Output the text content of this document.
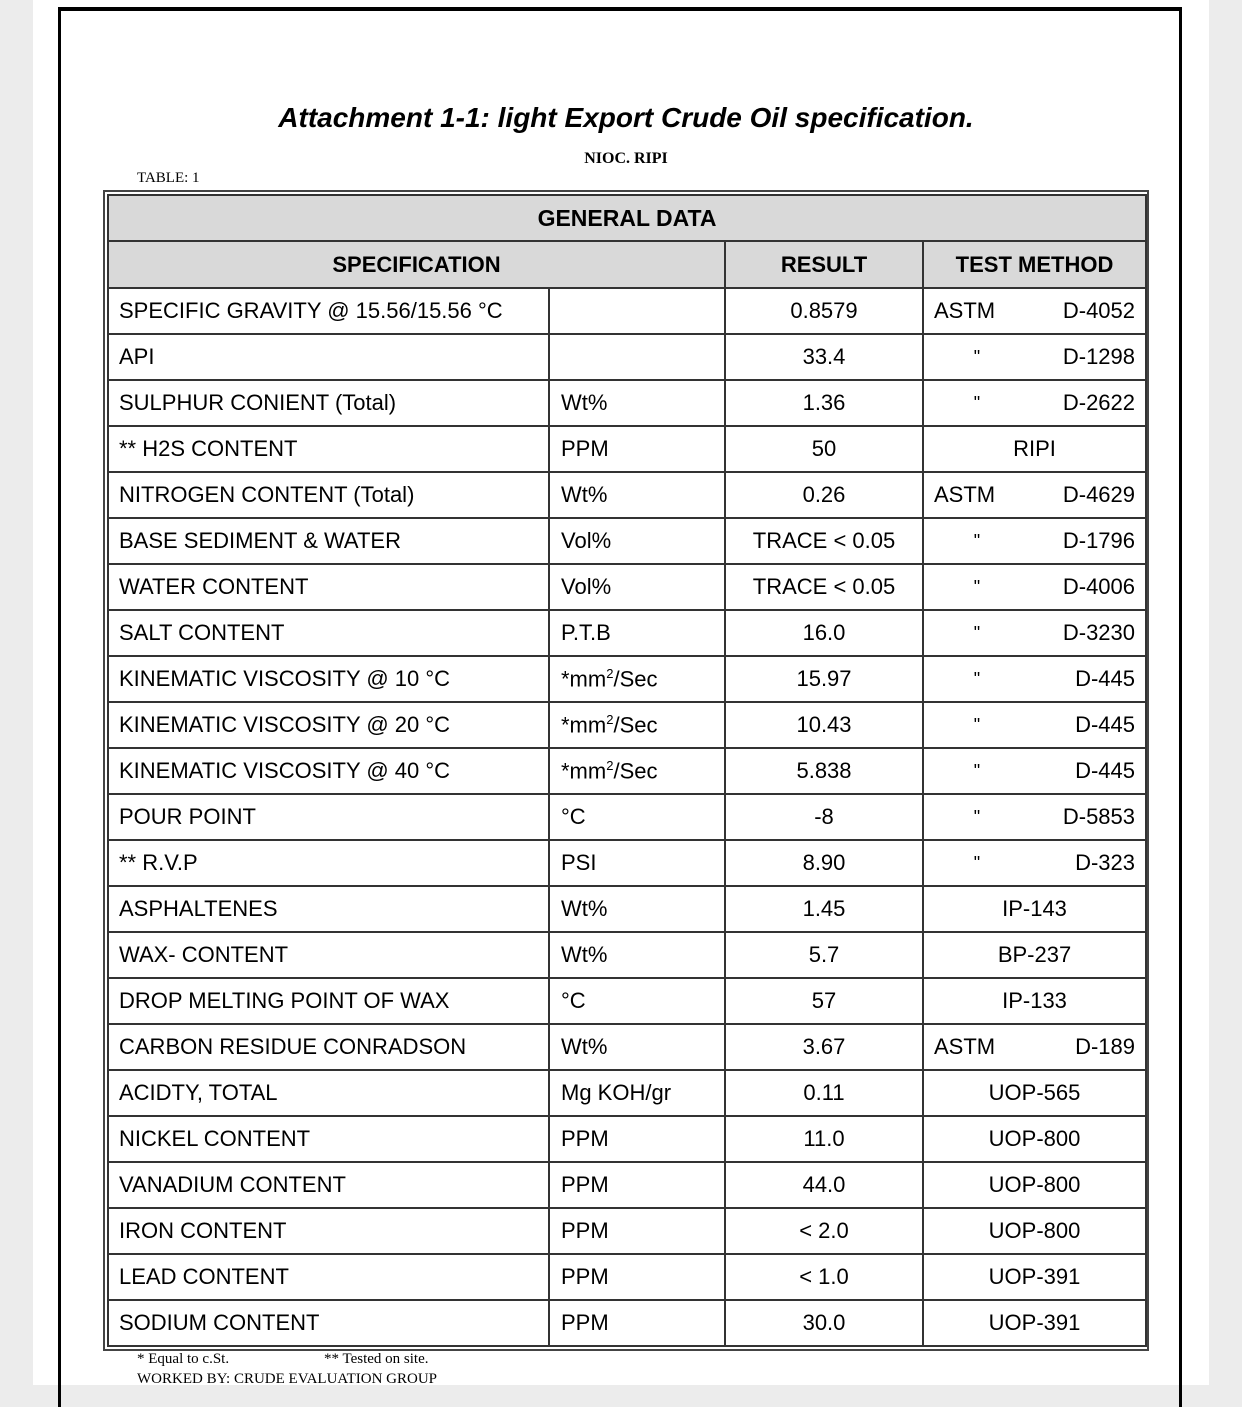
Attachment 1-1: light Export Crude Oil specification.
NIOC. RIPI
TABLE: 1
GENERAL DATA			
SPECIFICATION		RESULT	TEST METHOD
SPECIFIC GRAVITY @ 15.56/15.56 °C		0.8579	ASTM D-4052

API		33.4	" D-1298

SULPHUR CONIENT (Total)	Wt%	1.36	" D-2622

** H2S CONTENT	PPM	50	RIPI

NITROGEN CONTENT (Total)	Wt%	0.26	ASTM D-4629

BASE SEDIMENT & WATER	Vol%	TRACE < 0.05	" D-1796

WATER CONTENT	Vol%	TRACE < 0.05	" D-4006

SALT CONTENT	P.T.B	16.0	" D-3230

KINEMATIC VISCOSITY @ 10 °C	$*mm^2$/Sec	15.97	" D-445

KINEMATIC VISCOSITY @ 20 °C	$*mm^2$/Sec	10.43	" D-445

KINEMATIC VISCOSITY @ 40 °C	$*mm^2$/Sec	5.838	" D-445

POUR POINT	°C	-8	" D-5853

** R.V.P	PSI	8.90	" D-323

ASPHALTENES	Wt%	1.45	IP-143

WAX- CONTENT	Wt%	5.7	BP-237

DROP MELTING POINT OF WAX	°C	57	IP-133

CARBON RESIDUE CONRADSON	Wt%	3.67	ASTM D-189

ACIDTY, TOTAL	Mg KOH/gr	0.11	UOP-565

NICKEL CONTENT	PPM	11.0	UOP-800

VANADIUM CONTENT	PPM	44.0	UOP-800

IRON CONTENT	PPM	< 2.0	UOP-800

LEAD CONTENT	PPM	< 1.0	UOP-391

SODIUM CONTENT	PPM	30.0	UOP-391
* Equal to c.St.	** Tested on site.
WORKED BY: CRUDE EVALUATION GROUP
